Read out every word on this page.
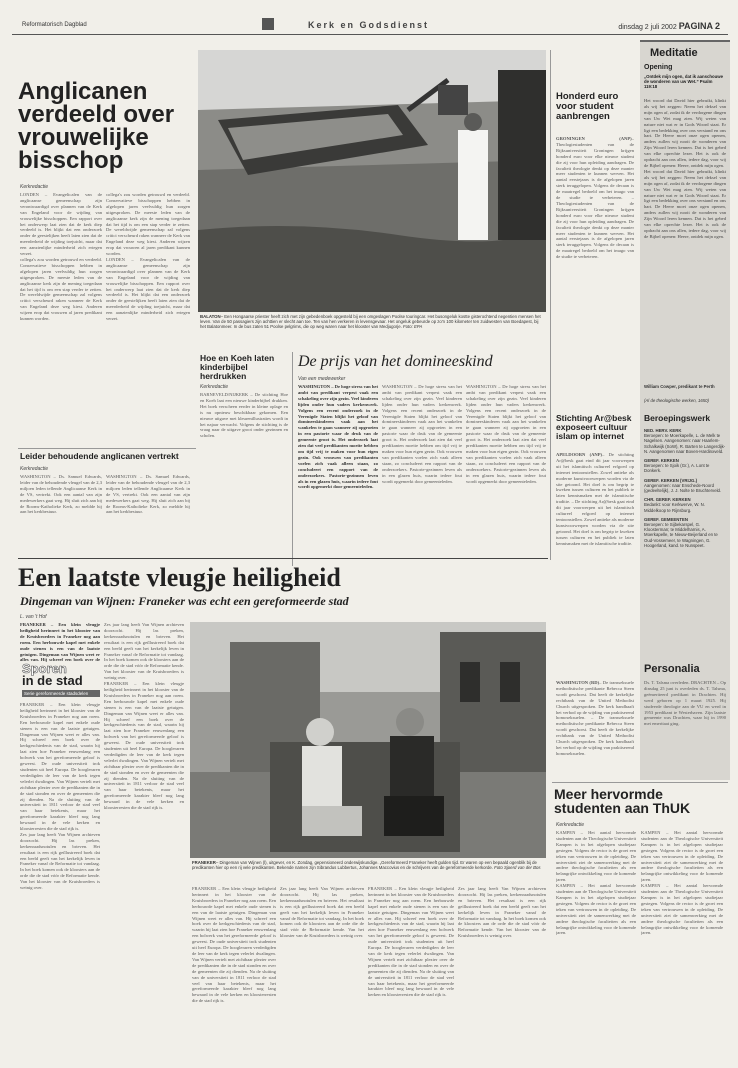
Reformatorisch Dagblad	Kerk en Godsdienst	dinsdag 2 juli 2002 PAGINA 2
Anglicanen verdeeld over vrouwelijke bisschop
Kerkredactie

LONDEN – Evangelicalen van de anglicaanse gemeenschap zijn verontwaardigd over plannen van de Kerk van Engeland voor de wijding van vrouwelijke bisschoppen. Een rapport over het onderwerp laat zien dat de kerk diep verdeeld is. Het blijkt dat een onderzoek onder de geestelijken heeft laten zien dat de meerderheid de wijding toejuicht, maar dat een aanzienlijke minderheid zich ertegen verzet.

collega's zou worden getrouwd en verdeeld. Conservatieve bisschoppen hebben in afgelopen jaren veelvuldig hun zorgen uitgesproken. De meeste leden van de anglicaanse kerk zijn de mening toegedaan dat het tijd is om een stap verder te zetten. De wereldwijde gemeenschap zal volgens critici verscheurd raken wanneer de Kerk van Engeland deze weg kiest. Anderen wijzen erop dat vrouwen al jaren predikant kunnen worden.

collega's zou worden getrouwd en verdeeld. Conservatieve bisschoppen hebben in afgelopen jaren veelvuldig hun zorgen uitgesproken. De meeste leden van de anglicaanse kerk zijn de mening toegedaan dat het tijd is om een stap verder te zetten. De wereldwijde gemeenschap zal volgens critici verscheurd raken wanneer de Kerk van Engeland deze weg kiest. Anderen wijzen erop dat vrouwen al jaren predikant kunnen worden.

LONDEN – Evangelicalen van de anglicaanse gemeenschap zijn verontwaardigd over plannen van de Kerk van Engeland voor de wijding van vrouwelijke bisschoppen. Een rapport over het onderwerp laat zien dat de kerk diep verdeeld is. Het blijkt dat een onderzoek onder de geestelijken heeft laten zien dat de meerderheid de wijding toejuicht, maar dat een aanzienlijke minderheid zich ertegen verzet.

Leider behoudende anglicanen vertrekt
Kerkredactie
WASHINGTON – Ds. Samuel Edwards, leider van de behoudende vleugel van de 2,3 miljoen leden tellende Anglicaanse Kerk in de VS, vertrekt. Ook een aantal van zijn medewerkers gaat weg. Hij sluit zich aan bij de Rooms-Katholieke Kerk, zo meldde hij aan het kerkbestuur.
WASHINGTON – Ds. Samuel Edwards, leider van de behoudende vleugel van de 2,3 miljoen leden tellende Anglicaanse Kerk in de VS, vertrekt. Ook een aantal van zijn medewerkers gaat weg. Hij sluit zich aan bij de Rooms-Katholieke Kerk, zo meldde hij aan het kerkbestuur.
BALATON– Een Hongaarse priester heeft zich met zijn gebedenboek opgesteld bij een omgeslagen Poolse touringcar. Het busongeluk kostte gisterochtend negentien mensen het leven. Van de 50 passagiers zijn achttien er slecht aan toe. Ten van hen verkeren in levensgevaar. Het ongeluk gebeurde op zo'n 100 kilometer ten zuidwesten van Boedapest, bij het Balatonmeer. In de bus zaten 51 Poolse pelgrims, die op weg waren naar het klooster van Medjugorje. Foto: EPA
Hoe en Koeh laten kinderbijbel herdrukken
Kerkredactie
BARNEVELD/NIJKERK – De stichting Hoe en Koeh laat een nieuwe kinderbijbel drukken. Het boek verscheen eerder in kleine oplage en is nu opnieuw beschikbaar gekomen. Een nieuwe uitgave met kleurenillustraties wordt in het najaar verwacht. Volgens de stichting is de vraag naar de uitgave groot onder gezinnen en scholen.
De prijs van het domineeskind
Van een medewerker
WASHINGTON – De hoge stress van het ambt van predikant verpest vaak een schakeling over zijn gezin. Veel kinderen lijden onder hun vaders kerkenwerk. Volgens een recent onderzoek in de Verenigde Staten blijkt het geloof van domineeskinderen vaak aan het wankelen te gaan wanneer zij opgroeien in een pastorie waar de druk van de gemeente groot is. Het onderzoek laat zien dat veel predikanten moeite hebben om tijd vrij te maken voor hun eigen gezin. Ook vrouwen van predikanten voelen zich vaak alleen staan, zo concludeert een rapport van de onderzoekers. Pastorie-gezinnen leven als in een glazen huis, waarin iedere fout wordt opgemerkt door gemeenteleden.
WASHINGTON – De hoge stress van het ambt van predikant verpest vaak een schakeling over zijn gezin. Veel kinderen lijden onder hun vaders kerkenwerk. Volgens een recent onderzoek in de Verenigde Staten blijkt het geloof van domineeskinderen vaak aan het wankelen te gaan wanneer zij opgroeien in een pastorie waar de druk van de gemeente groot is. Het onderzoek laat zien dat veel predikanten moeite hebben om tijd vrij te maken voor hun eigen gezin. Ook vrouwen van predikanten voelen zich vaak alleen staan, zo concludeert een rapport van de onderzoekers. Pastorie-gezinnen leven als in een glazen huis, waarin iedere fout wordt opgemerkt door gemeenteleden.
WASHINGTON – De hoge stress van het ambt van predikant verpest vaak een schakeling over zijn gezin. Veel kinderen lijden onder hun vaders kerkenwerk. Volgens een recent onderzoek in de Verenigde Staten blijkt het geloof van domineeskinderen vaak aan het wankelen te gaan wanneer zij opgroeien in een pastorie waar de druk van de gemeente groot is. Het onderzoek laat zien dat veel predikanten moeite hebben om tijd vrij te maken voor hun eigen gezin. Ook vrouwen van predikanten voelen zich vaak alleen staan, zo concludeert een rapport van de onderzoekers. Pastorie-gezinnen leven als in een glazen huis, waarin iedere fout wordt opgemerkt door gemeenteleden.
Honderd euro voor student aanbrengen
GRONINGEN (ANP)– Theologiestudenten van de Rijksuniversiteit Groningen krijgen honderd euro voor elke nieuwe student die zij voor hun opleiding aandragen. De faculteit theologie denkt op deze manier meer studenten te kunnen werven. Het aantal eerstejaars is de afgelopen jaren sterk teruggelopen. Volgens de decaan is de maatregel bedoeld om het imago van de studie te verbeteren. – Theologiestudenten van de Rijksuniversiteit Groningen krijgen honderd euro voor elke nieuwe student die zij voor hun opleiding aandragen. De faculteit theologie denkt op deze manier meer studenten te kunnen werven. Het aantal eerstejaars is de afgelopen jaren sterk teruggelopen. Volgens de decaan is de maatregel bedoeld om het imago van de studie te verbeteren.
Stichting Ar@besk exposeert cultuur islam op internet
APELDOORN (ANP)– De stichting Ar@besk gaat eind dit jaar voorwerpen uit het islamitisch cultureel erfgoed op internet tentoonstellen. Zowel antieke als moderne kunstvoorwerpen worden via de site getoond. Het doel is om begrip te kweken tussen culturen en het publiek te laten kennismaken met de islamitische traditie. – De stichting Ar@besk gaat eind dit jaar voorwerpen uit het islamitisch cultureel erfgoed op internet tentoonstellen. Zowel antieke als moderne kunstvoorwerpen worden via de site getoond. Het doel is om begrip te kweken tussen culturen en het publiek te laten kennismaken met de islamitische traditie.
WASHINGTON (RD)– De transseksuele methodistische predikante Rebecca Steen wordt geschorst. Dat heeft de kerkelijke rechtbank van de United Methodist Church uitgesproken. De kerk handhaaft het verbod op de wijding van praktiserend homoseksuelen. – De transseksuele methodistische predikante Rebecca Steen wordt geschorst. Dat heeft de kerkelijke rechtbank van de United Methodist Church uitgesproken. De kerk handhaaft het verbod op de wijding van praktiserend homoseksuelen.
Meer hervormde studenten aan ThUK
Kerkredactie

KAMPEN – Het aantal hervormde studenten aan de Theologische Universiteit Kampen is in het afgelopen studiejaar gestegen. Volgens de rector is de groei een teken van vertrouwen in de opleiding. De universiteit ziet de samenwerking met de andere theologische faculteiten als een belangrijke ontwikkeling voor de komende jaren.

KAMPEN – Het aantal hervormde studenten aan de Theologische Universiteit Kampen is in het afgelopen studiejaar gestegen. Volgens de rector is de groei een teken van vertrouwen in de opleiding. De universiteit ziet de samenwerking met de andere theologische faculteiten als een belangrijke ontwikkeling voor de komende jaren.

KAMPEN – Het aantal hervormde studenten aan de Theologische Universiteit Kampen is in het afgelopen studiejaar gestegen. Volgens de rector is de groei een teken van vertrouwen in de opleiding. De universiteit ziet de samenwerking met de andere theologische faculteiten als een belangrijke ontwikkeling voor de komende jaren.

KAMPEN – Het aantal hervormde studenten aan de Theologische Universiteit Kampen is in het afgelopen studiejaar gestegen. Volgens de rector is de groei een teken van vertrouwen in de opleiding. De universiteit ziet de samenwerking met de andere theologische faculteiten als een belangrijke ontwikkeling voor de komende jaren.

Meditatie
Opening
„Ontdek mijn ogen, dat ik aanschouwe de wonderen van uw Wet.” Psalm 119:18

Het woord dat David hier gebruikt, klinkt als wij het zeggen: Neem het deksel van mijn ogen af, zodat ik de verdorgene dingen van Uw Wet mag zien. Wij weten van nature niet wat er in Gods Woord staat. Er ligt een bedekking over ons verstand en ons hart. De Heere moet onze ogen openen, anders zullen wij nooit de wonderen van Zijn Woord leren kennen. Dat is het gebed van elke oprechte lezer. Het is ook de opdracht aan ons allen, iedere dag, voor wij de Bijbel openen: Heere, ontdek mijn ogen.

Het woord dat David hier gebruikt, klinkt als wij het zeggen: Neem het deksel van mijn ogen af, zodat ik de verdorgene dingen van Uw Wet mag zien. Wij weten van nature niet wat er in Gods Woord staat. Er ligt een bedekking over ons verstand en ons hart. De Heere moet onze ogen openen, anders zullen wij nooit de wonderen van Zijn Woord leren kennen. Dat is het gebed van elke oprechte lezer. Het is ook de opdracht aan ons allen, iedere dag, voor wij de Bijbel openen: Heere, ontdek mijn ogen.

William Cowper, predikant te Perth
(Al de theologische werken, 1650)
Beroepingswerk
NED. HERV. KERK
Beroepen: te Moerkapelle, L. de Melk te Nagelsen. Aangenomen: naar Haarlem-Schalkwijk (SoW), R. Barten te Langerdijk-N. Aangenomen naar Boven-Hardinxveld.
GEREF. KERKEN
Beroepen: te Sjoik (Gr.), A. Lont te Donkerk.
GEREF. KERKEN (VRIJG.)
Aangenomen: naar Enschede-Noord (gedeeltelijk), J. J. Nolte te Bruchterveld.
CHR. GEREF. KERKEN
Bedankt: voor Kerkwerve, W. N. Middelkoop te Rijnsburg.
GEREF. GEMEENTEN
Beroepen: te Sijbekarspel, G. Kloosterman; te Middelharnis, A. Moerkapelle, te Nieuw-Beijerland en te Oud-Vossemeer, te Wagningen, G. Hoogerland, kand. te Nunspeet.
Personalia
Ds. T. Talsma overleden. DRACHTEN – Op dinsdag 25 juni is overleden ds. T. Talsma, geëmeriteerd predikant in Drachten. Hij werd geboren op 1 maart 1925. Hij studeerde theologie aan de VU en werd in 1953 predikant te Westerhaven. Zijn laatste gemeente was Drachten, waar hij in 1990 met emeritaat ging.
Een laatste vleugje heiligheid
Dingeman van Wijnen: Franeker was echt een gereformeerde stad
L. van 't Hof
FRANEKER – Een klein vleugje heiligheid herinnert in het klooster van de Kruisbroeders in Franeker nog aan roem. Een herbouwde kapel met enkele oude stenen is een van de laatste getuigen. Dingeman van Wijnen weet er alles van. Hij schreef een boek over de
Sporen
in de stad
Serie gereformeerde stadsdelen

FRANEKER – Een klein vleugje heiligheid herinnert in het klooster van de Kruisbroeders in Franeker nog aan roem. Een herbouwde kapel met enkele oude stenen is een van de laatste getuigen. Dingeman van Wijnen weet er alles van. Hij schreef een boek over de kerkgeschiedenis van de stad, waarin hij laat zien hoe Franeker eeuwenlang een bolwerk van het gereformeerde geloof is geweest. De oude universiteit trok studenten uit heel Europa. De hoogleraren verdedigden de leer van de kerk tegen velerlei dwalingen. Van Wijnen vertelt met zichtbaar plezier over de predikanten die in de stad stonden en over de gemeenten die zij dienden. Na de sluiting van de universiteit in 1811 verloor de stad veel van haar betekenis, maar het gereformeerde karakter bleef nog lang bewaard in de vele kerken en kloosterresten die de stad rijk is.

Zes jaar lang heeft Van Wijnen archieven doorzocht. Hij las preken, kerkenraadsnotulen en brieven. Het resultaat is een rijk geïllustreerd boek dat een beeld geeft van het kerkelijk leven in Franeker vanaf de Reformatie tot vandaag. In het boek komen ook de kloosters aan de orde die de stad vóór de Reformatie kende. Van het klooster van de Kruisbroeders is weinig over.

Zes jaar lang heeft Van Wijnen archieven doorzocht. Hij las preken, kerkenraadsnotulen en brieven. Het resultaat is een rijk geïllustreerd boek dat een beeld geeft van het kerkelijk leven in Franeker vanaf de Reformatie tot vandaag. In het boek komen ook de kloosters aan de orde die de stad vóór de Reformatie kende. Van het klooster van de Kruisbroeders is weinig over.

FRANEKER – Een klein vleugje heiligheid herinnert in het klooster van de Kruisbroeders in Franeker nog aan roem. Een herbouwde kapel met enkele oude stenen is een van de laatste getuigen. Dingeman van Wijnen weet er alles van. Hij schreef een boek over de kerkgeschiedenis van de stad, waarin hij laat zien hoe Franeker eeuwenlang een bolwerk van het gereformeerde geloof is geweest. De oude universiteit trok studenten uit heel Europa. De hoogleraren verdedigden de leer van de kerk tegen velerlei dwalingen. Van Wijnen vertelt met zichtbaar plezier over de predikanten die in de stad stonden en over de gemeenten die zij dienden. Na de sluiting van de universiteit in 1811 verloor de stad veel van haar betekenis, maar het gereformeerde karakter bleef nog lang bewaard in de vele kerken en kloosterresten die de stad rijk is.

FRANEKER– Dingeman van Wijnen (l), uitgever, en K. Zondag, gepensioneerd onderwijskundige. „Gereformeerd Franeker heeft gulden tijd. Er waren op een bepaald ogenblik bij de predikanten hier op een rij vele predikanten. Bekende namen zijn Sibrandus Lubbertus, Johannes Maccovius en de schrijvers van de gereformeerde kerkorde. Foto Sjoerd van der Bos
FRANEKER – Een klein vleugje heiligheid herinnert in het klooster van de Kruisbroeders in Franeker nog aan roem. Een herbouwde kapel met enkele oude stenen is een van de laatste getuigen. Dingeman van Wijnen weet er alles van. Hij schreef een boek over de kerkgeschiedenis van de stad, waarin hij laat zien hoe Franeker eeuwenlang een bolwerk van het gereformeerde geloof is geweest. De oude universiteit trok studenten uit heel Europa. De hoogleraren verdedigden de leer van de kerk tegen velerlei dwalingen. Van Wijnen vertelt met zichtbaar plezier over de predikanten die in de stad stonden en over de gemeenten die zij dienden. Na de sluiting van de universiteit in 1811 verloor de stad veel van haar betekenis, maar het gereformeerde karakter bleef nog lang bewaard in de vele kerken en kloosterresten die de stad rijk is.
Zes jaar lang heeft Van Wijnen archieven doorzocht. Hij las preken, kerkenraadsnotulen en brieven. Het resultaat is een rijk geïllustreerd boek dat een beeld geeft van het kerkelijk leven in Franeker vanaf de Reformatie tot vandaag. In het boek komen ook de kloosters aan de orde die de stad vóór de Reformatie kende. Van het klooster van de Kruisbroeders is weinig over.
FRANEKER – Een klein vleugje heiligheid herinnert in het klooster van de Kruisbroeders in Franeker nog aan roem. Een herbouwde kapel met enkele oude stenen is een van de laatste getuigen. Dingeman van Wijnen weet er alles van. Hij schreef een boek over de kerkgeschiedenis van de stad, waarin hij laat zien hoe Franeker eeuwenlang een bolwerk van het gereformeerde geloof is geweest. De oude universiteit trok studenten uit heel Europa. De hoogleraren verdedigden de leer van de kerk tegen velerlei dwalingen. Van Wijnen vertelt met zichtbaar plezier over de predikanten die in de stad stonden en over de gemeenten die zij dienden. Na de sluiting van de universiteit in 1811 verloor de stad veel van haar betekenis, maar het gereformeerde karakter bleef nog lang bewaard in de vele kerken en kloosterresten die de stad rijk is.
Zes jaar lang heeft Van Wijnen archieven doorzocht. Hij las preken, kerkenraadsnotulen en brieven. Het resultaat is een rijk geïllustreerd boek dat een beeld geeft van het kerkelijk leven in Franeker vanaf de Reformatie tot vandaag. In het boek komen ook de kloosters aan de orde die de stad vóór de Reformatie kende. Van het klooster van de Kruisbroeders is weinig over.
